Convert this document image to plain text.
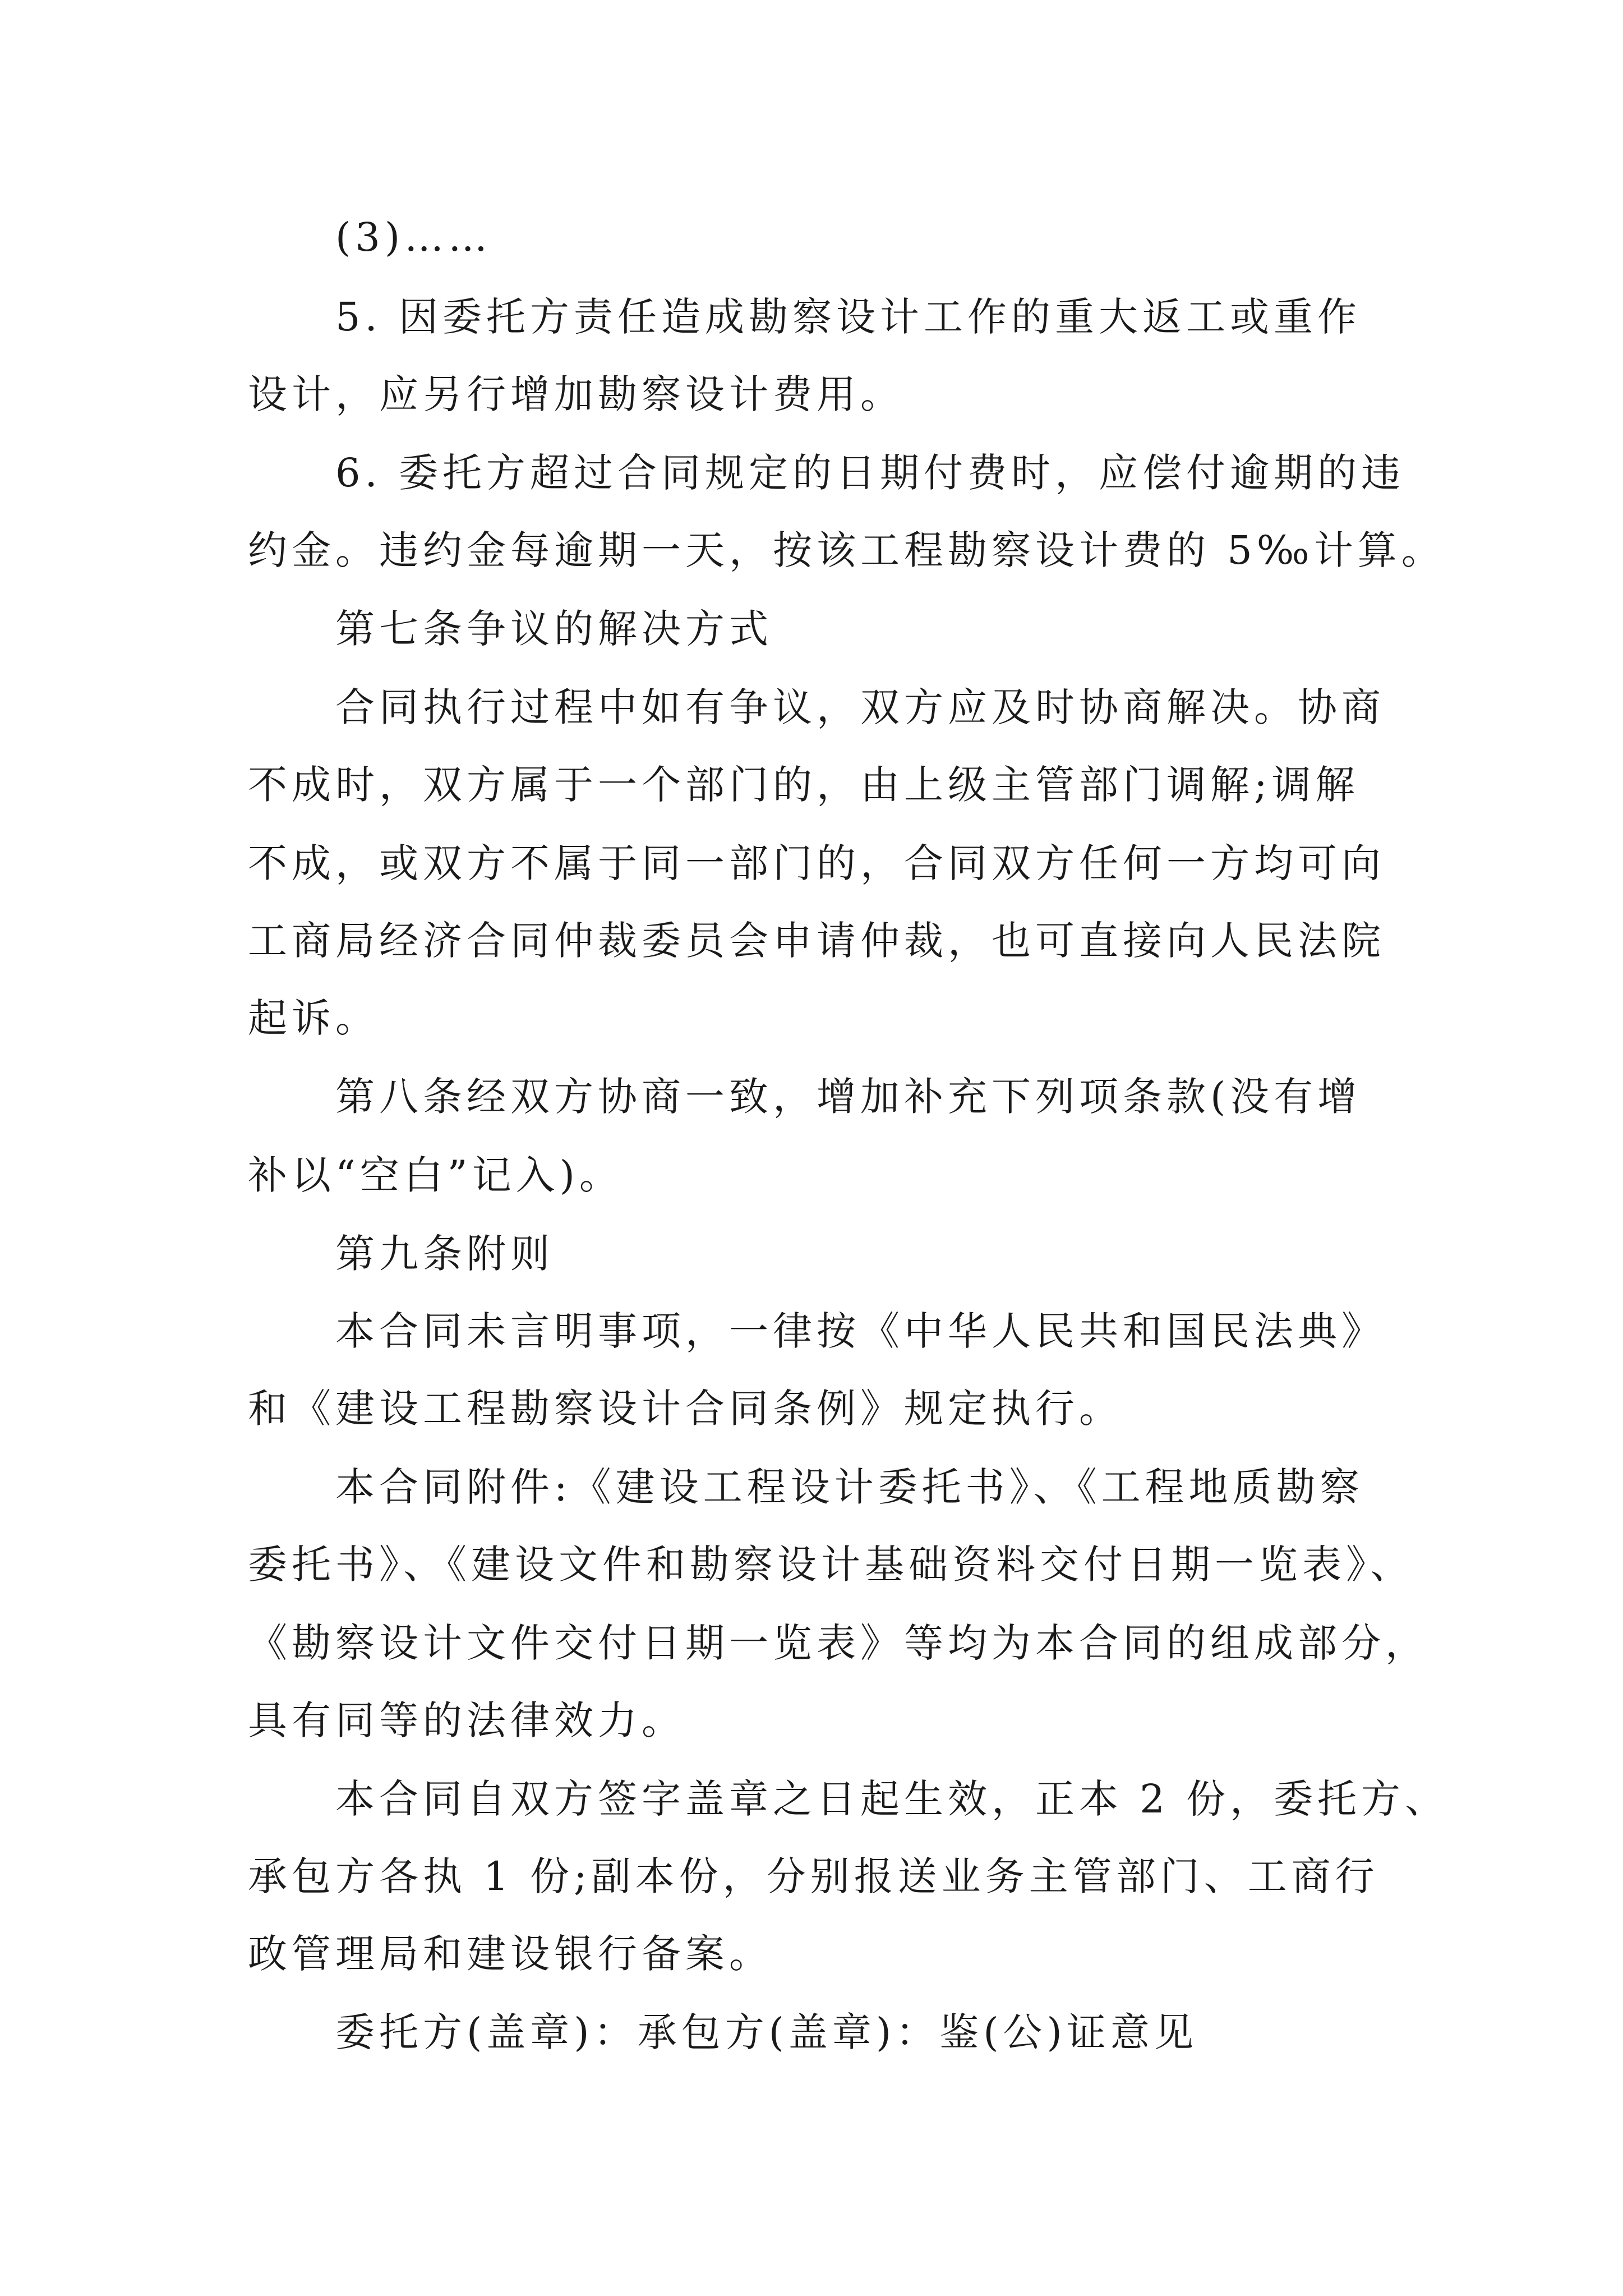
(3)……
5. 因委托方责任造成勘察设计工作的重大返工或重作
设计，应另行增加勘察设计费用。
6. 委托方超过合同规定的日期付费时，应偿付逾期的违
约金。违约金每逾期一天，按该工程勘察设计费的 5‰计算。
第七条争议的解决方式
合同执行过程中如有争议，双方应及时协商解决。协商
不成时，双方属于一个部门的，由上级主管部门调解;调解
不成，或双方不属于同一部门的，合同双方任何一方均可向
工商局经济合同仲裁委员会申请仲裁，也可直接向人民法院
起诉。
第八条经双方协商一致，增加补充下列项条款(没有增
补以“空白”记入)。
第九条附则
本合同未言明事项，一律按《中华人民共和国民法典》
和《建设工程勘察设计合同条例》规定执行。
本合同附件:《建设工程设计委托书》、《工程地质勘察
委托书》、《建设文件和勘察设计基础资料交付日期一览表》、
《勘察设计文件交付日期一览表》等均为本合同的组成部分，
具有同等的法律效力。
本合同自双方签字盖章之日起生效，正本 2 份，委托方、
承包方各执 1 份;副本份，分别报送业务主管部门、工商行
政管理局和建设银行备案。
委托方(盖章)：承包方(盖章)：鉴(公)证意见
